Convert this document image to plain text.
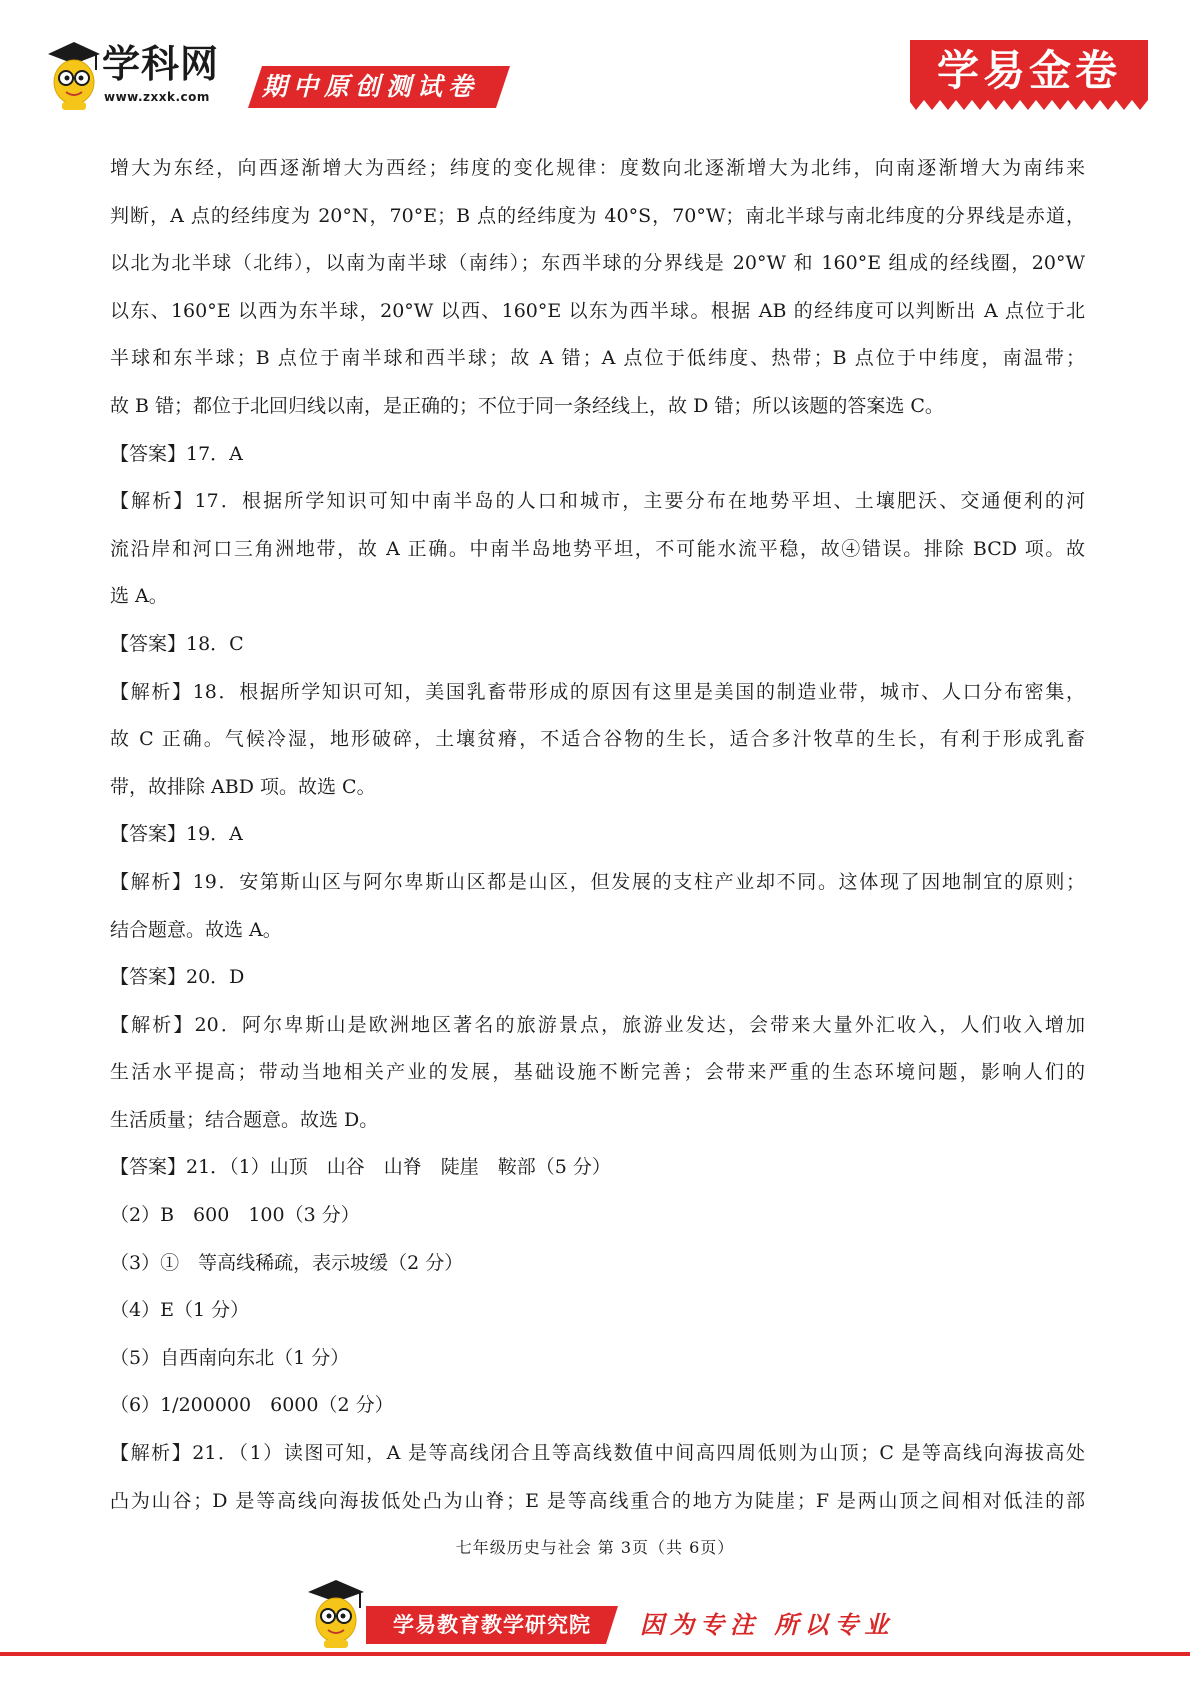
学科网
www.zxxk.com 期中原创测试卷	学易金卷
增大为东经，向西逐渐增大为西经；纬度的变化规律：度数向北逐渐增大为北纬，向南逐渐增大为南纬来
判断，A 点的经纬度为 20°N，70°E；B 点的经纬度为 40°S，70°W；南北半球与南北纬度的分界线是赤道，
以北为北半球（北纬），以南为南半球（南纬）；东西半球的分界线是 20°W 和 160°E 组成的经线圈，20°W
以东、160°E 以西为东半球，20°W 以西、160°E 以东为西半球。根据 AB 的经纬度可以判断出 A 点位于北
半球和东半球；B 点位于南半球和西半球；故 A 错；A 点位于低纬度、热带；B 点位于中纬度，南温带；
故 B 错；都位于北回归线以南，是正确的；不位于同一条经线上，故 D 错；所以该题的答案选 C。
【答案】17．A
【解析】17．根据所学知识可知中南半岛的人口和城市，主要分布在地势平坦、土壤肥沃、交通便利的河
流沿岸和河口三角洲地带，故 A 正确。中南半岛地势平坦，不可能水流平稳，故④错误。排除 BCD 项。故
选 A。
【答案】18．C
【解析】18．根据所学知识可知，美国乳畜带形成的原因有这里是美国的制造业带，城市、人口分布密集，
故 C 正确。气候冷湿，地形破碎，土壤贫瘠，不适合谷物的生长，适合多汁牧草的生长，有利于形成乳畜
带，故排除 ABD 项。故选 C。
【答案】19．A
【解析】19．安第斯山区与阿尔卑斯山区都是山区，但发展的支柱产业却不同。这体现了因地制宜的原则；
结合题意。故选 A。
【答案】20．D
【解析】20．阿尔卑斯山是欧洲地区著名的旅游景点，旅游业发达，会带来大量外汇收入，人们收入增加
生活水平提高；带动当地相关产业的发展，基础设施不断完善；会带来严重的生态环境问题，影响人们的
生活质量；结合题意。故选 D。
【答案】21．（1）山顶　山谷　山脊　陡崖　鞍部（5 分）
（2）B　600　100（3 分）
（3）①　等高线稀疏，表示坡缓（2 分）
（4）E（1 分）
（5）自西南向东北（1 分）
（6）1/200000　6000（2 分）
【解析】21．（1）读图可知，A 是等高线闭合且等高线数值中间高四周低则为山顶；C 是等高线向海拔高处
凸为山谷；D 是等高线向海拔低处凸为山脊；E 是等高线重合的地方为陡崖；F 是两山顶之间相对低洼的部
七年级历史与社会 第 3页（共 6页）
学易教育教学研究院	因为专注 所以专业
